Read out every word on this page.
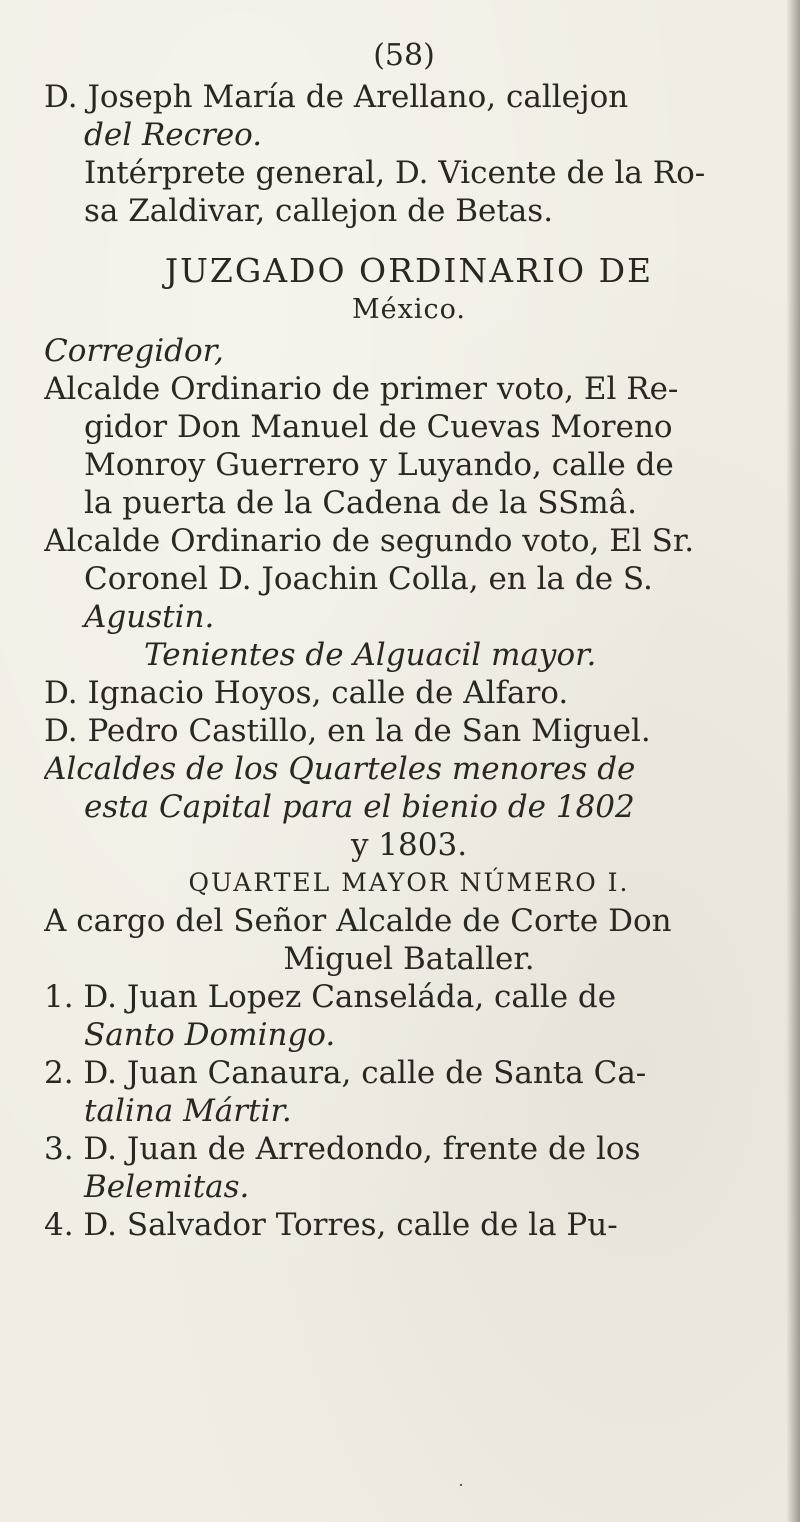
(58)
D. Joseph María de Arellano, callejon
del Recreo.
Intérprete general, D. Vicente de la Ro-
sa Zaldivar, callejon de Betas.
JUZGADO ORDINARIO DE
México.
Corregidor,
Alcalde Ordinario de primer voto, El Re-
gidor Don Manuel de Cuevas Moreno
Monroy Guerrero y Luyando, calle de
la puerta de la Cadena de la SSmâ.
Alcalde Ordinario de segundo voto, El Sr.
Coronel D. Joachin Colla, en la de S.
Agustin.
Tenientes de Alguacil mayor.
D. Ignacio Hoyos, calle de Alfaro.
D. Pedro Castillo, en la de San Miguel.
Alcaldes de los Quarteles menores de
esta Capital para el bienio de 1802
y 1803.
QUARTEL MAYOR NÚMERO I.
A cargo del Señor Alcalde de Corte Don
Miguel Bataller.
1. D. Juan Lopez Canseláda, calle de
Santo Domingo.
2. D. Juan Canaura, calle de Santa Ca-
talina Mártir.
3. D. Juan de Arredondo, frente de los
Belemitas.
4. D. Salvador Torres, calle de la Pu-
˙
